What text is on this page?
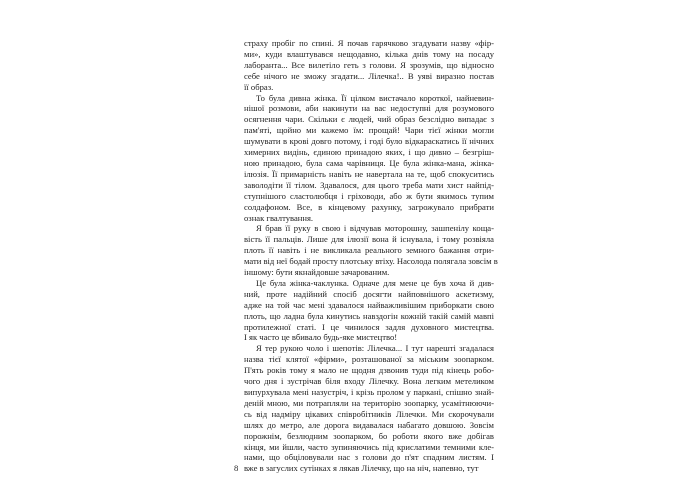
страху пробіг по спині. Я почав гарячково згадувати назву «фір-
ми», куди влаштувався нещодавно, кілька днів тому на посаду
лаборанта... Все вилетіло геть з голови. Я зрозумів, що відносно
себе нічого не зможу згадати... Лілечка!.. В уяві виразно постав
її образ.
То була дивна жінка. Її цілком вистачало короткої, найневин-
нішої розмови, аби накинути на вас недоступні для розумового
осягнення чари. Скільки є людей, чий образ безслідно випадає з
пам'яті, щойно ми кажемо їм: прощай! Чари тієї жінки могли
шумувати в крові довго потому, і годі було відкараскатись її нічних
химерних видінь, єдиною принадою яких, і що дивно – безгріш-
ною принадою, була сама чарівниця. Це була жінка-мана, жінка-
ілюзія. Її примарність навіть не навертала на те, щоб спокуситись
заволодіти її тілом. Здавалося, для цього треба мати хист найпід-
ступнішого сластолюбця і гріховоди, або ж бути якимось тупим
солдафоном. Все, в кінцевому рахунку, загрожувало прибрати
ознак гвалтування.
Я брав її руку в свою і відчував моторошну, зашпенілу кощa-
вість її пальців. Лише для ілюзії вона й існувала, і тому розвіяла
плоть її навіть і не викликала реального земного бажання отри-
мати від неї бодай просту плотську втіху. Насолода полягала зовсім в
іншому: бути якнайдовше зачарованим.
Це була жінка-чаклунка. Одначе для мене це був хоча й див-
ний, проте надійний спосіб досягти найповнішого аскетизму,
адже на той час мені здавалося найважливішим приборкати свою
плоть, що ладна була кинутись навздогін кожній такій самій мавпі
протилежної статі. І це чинилося задля духовного мистецтва.
І як часто це вбивало будь-яке мистецтво!
Я тер рукою чоло і шепотів: Лілечка... І тут нарешті згадалася
назва тієї клятої «фірми», розташованої за міським зоопарком.
П'ять років тому я мало не щодня дзвонив туди під кінець робо-
чого дня і зустрічав біля входу Лілечку. Вона легким метеликом
випурхувала мені назустріч, і крізь пролом у паркані, спішно знай-
деній мною, ми потрапляли на територію зоопарку, усамітнюючи-
сь від надміру цікавих співробітників Лілечки. Ми скорочували
шлях до метро, але дорога видавалася набагато довшою. Зовсім
порожнім, безлюдним зоопарком, бо роботи якого вже добігав
кінця, ми йшли, часто зупиняючись під крислатими темними кле-
нами, що обціловували нас з голови до п'ят спадним листям. І
вже в загуслих сутінках я лякав Лілечку, що на ніч, напевно, тут
8
